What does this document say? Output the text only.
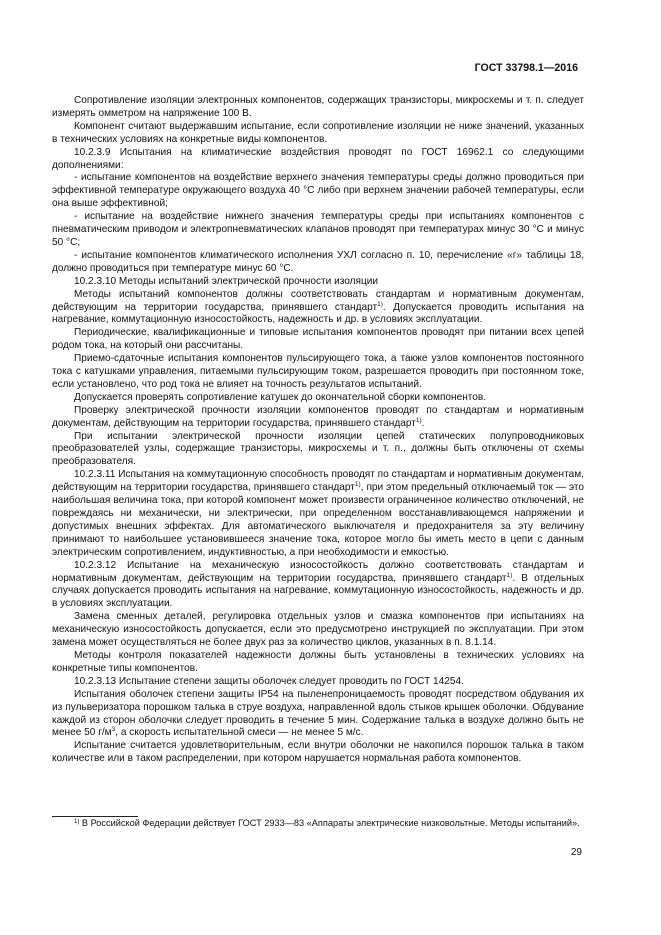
ГОСТ 33798.1—2016

Сопротивление изоляции электронных компонентов, содержащих транзисторы, микросхемы и т. п. следует измерять омметром на напряжение 100 В.

Компонент считают выдержавшим испытание, если сопротивление изоляции не ниже значений, указанных в технических условиях на конкретные виды компонентов.

10.2.3.9 Испытания на климатические воздействия проводят по ГОСТ 16962.1 со следующими дополнениями:

- испытание компонентов на воздействие верхнего значения температуры среды должно проводиться при эффективной температуре окружающего воздуха 40 °С либо при верхнем значении рабочей температуры, если она выше эффективной;

- испытание на воздействие нижнего значения температуры среды при испытаниях компонентов с пневматическим приводом и электропневматических клапанов проводят при температурах минус 30 °С и минус 50 °С;

- испытание компонентов климатического исполнения УХЛ согласно п. 10, перечисление «г» таблицы 18, должно проводиться при температуре минус 60 °С.

10.2.3.10 Методы испытаний электрической прочности изоляции

Методы испытаний компонентов должны соответствовать стандартам и нормативным документам, действующим на территории государства, принявшего стандарт$^{1)}$. Допускается проводить испытания на нагревание, коммутационную износостойкость, надежность и др. в условиях эксплуатации.

Периодические, квалификационные и типовые испытания компонентов проводят при питании всех цепей родом тока, на который они рассчитаны.

Приемо-сдаточные испытания компонентов пульсирующего тока, а также узлов компонентов постоянного тока с катушками управления, питаемыми пульсирующим током, разрешается проводить при постоянном токе, если установлено, что род тока не влияет на точность результатов испытаний.

Допускается проверять сопротивление катушек до окончательной сборки компонентов.

Проверку электрической прочности изоляции компонентов проводят по стандартам и нормативным документам, действующим на территории государства, принявшего стандарт$^{1)}$.

При испытании электрической прочности изоляции цепей статических полупроводниковых преобразователей узлы, содержащие транзисторы, микросхемы и т. п., должны быть отключены от схемы преобразователя.

10.2.3.11 Испытания на коммутационную способность проводят по стандартам и нормативным документам, действующим на территории государства, принявшего стандарт$^{1)}$, при этом предельный отключаемый ток — это наибольшая величина тока, при которой компонент может произвести ограниченное количество отключений, не повреждаясь ни механически, ни электрически, при определенном восстанавливающемся напряжении и допустимых внешних эффектах. Для автоматического выключателя и предохранителя за эту величину принимают то наибольшее установившееся значение тока, которое могло бы иметь место в цепи с данным электрическим сопротивлением, индуктивностью, а при необходимости и емкостью.

10.2.3.12 Испытание на механическую износостойкость должно соответствовать стандартам и нормативным документам, действующим на территории государства, принявшего стандарт$^{1)}$. В отдельных случаях допускается проводить испытания на нагревание, коммутационную износостойкость, надежность и др. в условиях эксплуатации.

Замена сменных деталей, регулировка отдельных узлов и смазка компонентов при испытаниях на механическую износостойкость допускается, если это предусмотрено инструкцией по эксплуатации. При этом замена может осуществляться не более двух раз за количество циклов, указанных в п. 8.1.14.

Методы контроля показателей надежности должны быть установлены в технических условиях на конкретные типы компонентов.

10.2.3.13 Испытание степени защиты оболочек следует проводить по ГОСТ 14254.

Испытания оболочек степени защиты IP54 на пыленепроницаемость проводят посредством обдувания их из пульверизатора порошком талька в струе воздуха, направленной вдоль стыков крышек оболочки. Обдувание каждой из сторон оболочки следует проводить в течение 5 мин. Содержание талька в воздухе должно быть не менее 50 $г/м^3$, а скорость испытательной смеси — не менее 5 м/с.

Испытание считается удовлетворительным, если внутри оболочки не накопился порошок талька в таком количестве или в таком распределении, при котором нарушается нормальная работа компонентов.

$^{1)}$ В Российской Федерации действует ГОСТ 2933—83 «Аппараты электрические низковольтные. Методы испытаний».

29
